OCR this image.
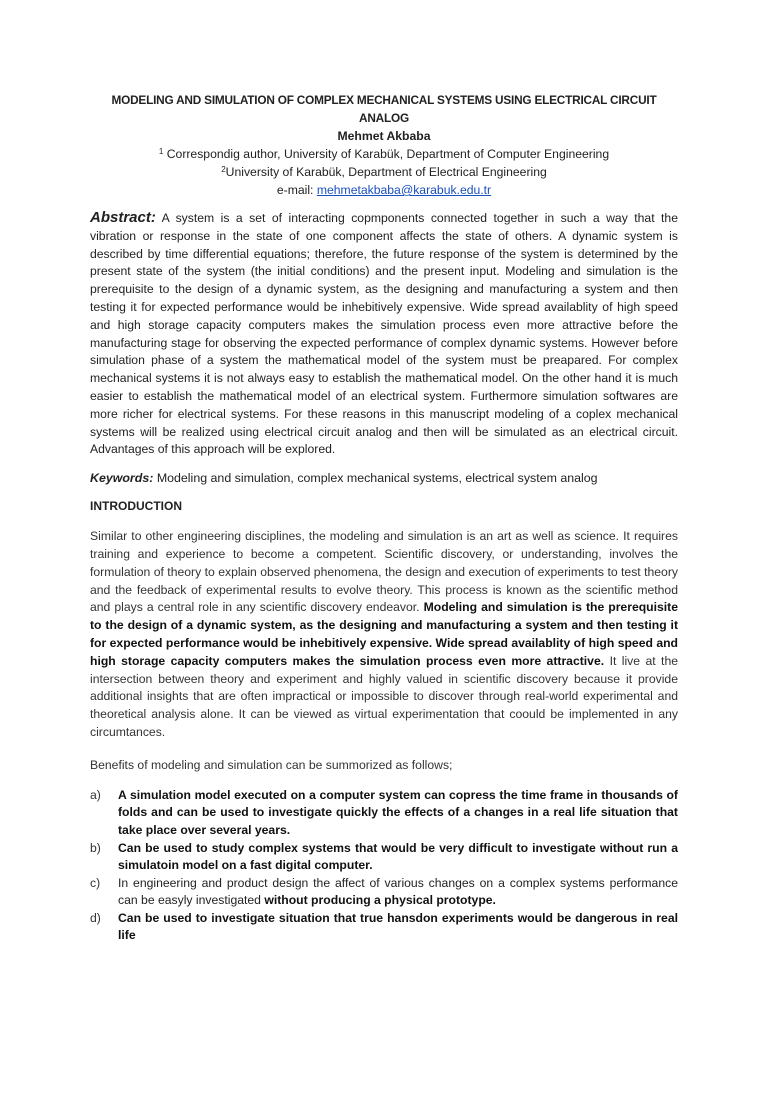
MODELING AND SIMULATION OF COMPLEX MECHANICAL SYSTEMS USING ELECTRICAL CIRCUIT ANALOG
Mehmet Akbaba
$^1$ Correspondig author, University of Karabük, Department of Computer Engineering
$^2$University of Karabük, Department of Electrical Engineering
e-mail: mehmetakbaba@karabuk.edu.tr
Abstract: A system is a set of interacting copmponents connected together in such a way that the vibration or response in the state of one component affects the state of others. A dynamic system is described by time differential equations; therefore, the future response of the system is determined by the present state of the system (the initial conditions) and the present input. Modeling and simulation is the prerequisite to the design of a dynamic system, as the designing and manufacturing a system and then testing it for expected performance would be inhebitively expensive. Wide spread availablity of high speed and high storage capacity computers makes the simulation process even more attractive before the manufacturing stage for observing the expected performance of complex dynamic systems. However before simulation phase of a system the mathematical model of the system must be preapared. For complex mechanical systems it is not always easy to establish the mathematical model. On the other hand it is much easier to establish the mathematical model of an electrical system. Furthermore simulation softwares are more richer for electrical systems. For these reasons in this manuscript modeling of a coplex mechanical systems will be realized using electrical circuit analog and then will be simulated as an electrical circuit. Advantages of this approach will be explored.
Keywords: Modeling and simulation, complex mechanical systems, electrical system analog
INTRODUCTION
Similar to other engineering disciplines, the modeling and simulation is an art as well as science. It requires training and experience to become a competent. Scientific discovery, or understanding, involves the formulation of theory to explain observed phenomena, the design and execution of experiments to test theory and the feedback of experimental results to evolve theory. This process is known as the scientific method and plays a central role in any scientific discovery endeavor. Modeling and simulation is the prerequisite to the design of a dynamic system, as the designing and manufacturing a system and then testing it for expected performance would be inhebitively expensive. Wide spread availablity of high speed and high storage capacity computers makes the simulation process even more attractive. It live at the intersection between theory and experiment and highly valued in scientific discovery because it provide additional insights that are often impractical or impossible to discover through real-world experimental and theoretical analysis alone. It can be viewed as virtual experimentation that coould be implemented in any circumtances.
Benefits of modeling and simulation can be summorized as follows;
a)	A simulation model executed on a computer system can copress the time frame in thousands of folds and can be used to investigate quickly the effects of a changes in a real life situation that take place over several years.
b)	Can be used to study complex systems that would be very difficult to investigate without run a simulatoin model on a fast digital computer.
c)	In engineering and product design the affect of various changes on a complex systems performance can be easyly investigated without producing a physical prototype.
d)	Can be used to investigate situation that true hansdon experiments would be dangerous in real life
